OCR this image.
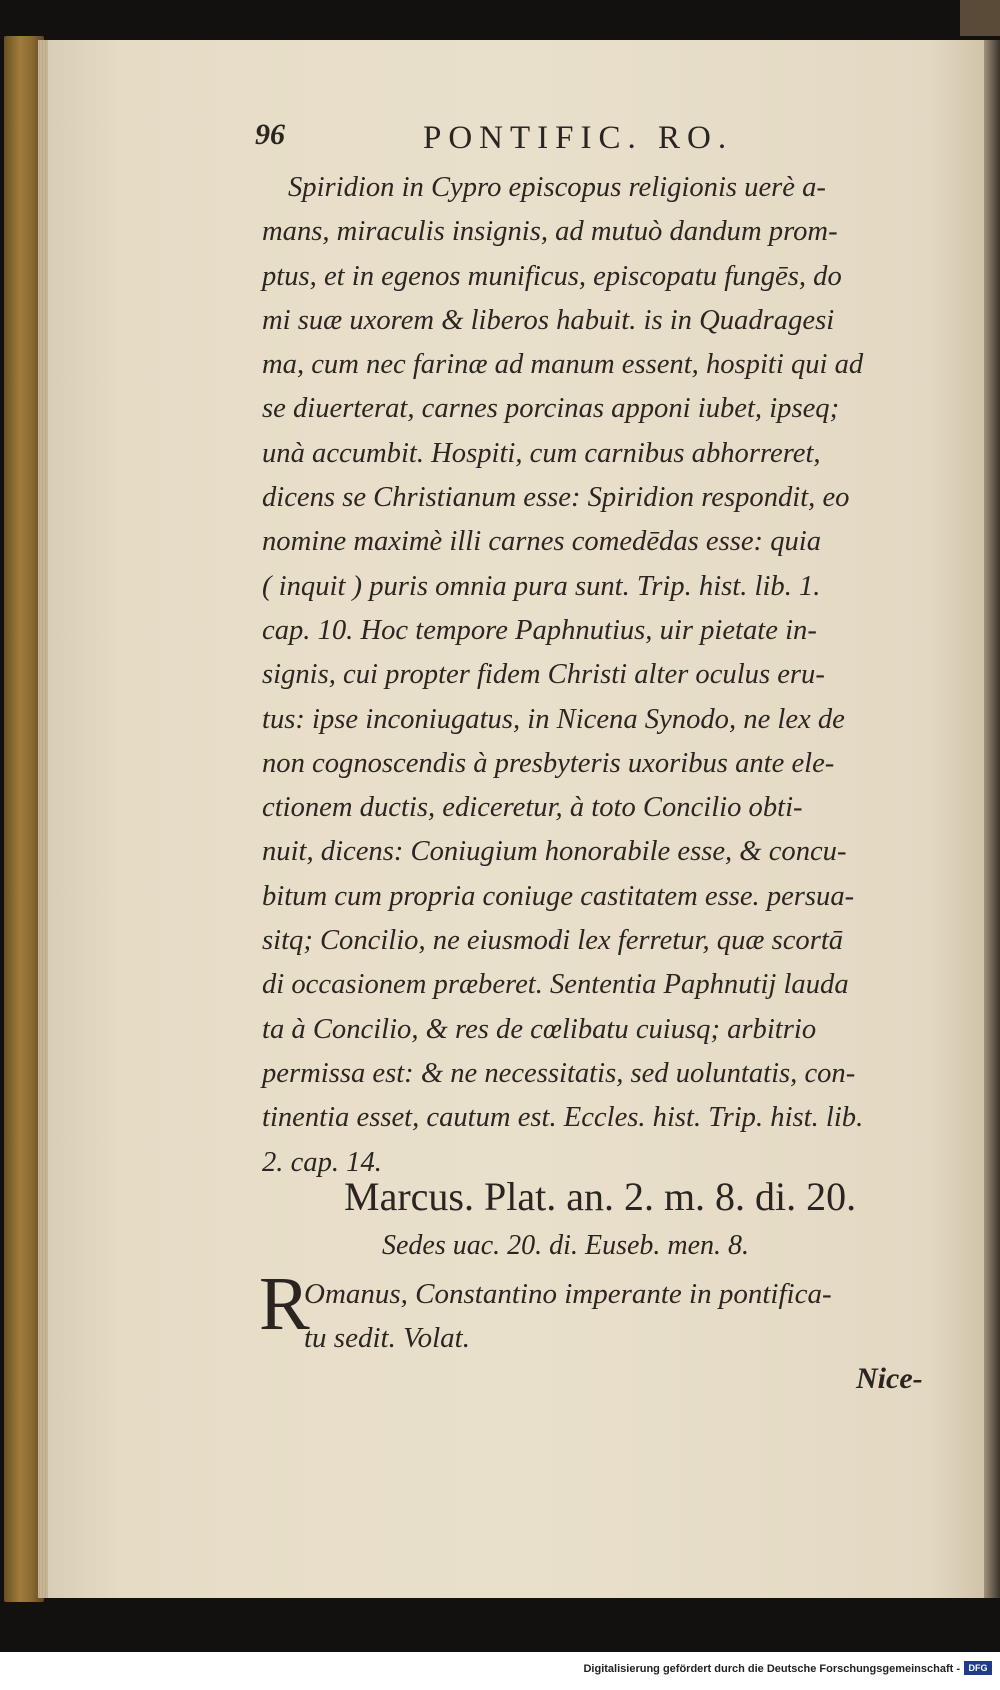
96	PONTIFIC. RO.
Spiridion in Cypro episcopus religionis uerè a-
mans, miraculis insignis, ad mutuò dandum prom-
ptus, et in egenos munificus, episcopatu fungēs, do
mi suæ uxorem & liberos habuit. is in Quadragesi
ma, cum nec farinæ ad manum essent, hospiti qui ad
se diuerterat, carnes porcinas apponi iubet, ipseq;
unà accumbit. Hospiti, cum carnibus abhorreret,
dicens se Christianum esse: Spiridion respondit, eo
nomine maximè illi carnes comedēdas esse: quia
( inquit ) puris omnia pura sunt. Trip. hist. lib. 1.
cap. 10. Hoc tempore Paphnutius, uir pietate in-
signis, cui propter fidem Christi alter oculus eru-
tus: ipse inconiugatus, in Nicena Synodo, ne lex de
non cognoscendis à presbyteris uxoribus ante ele-
ctionem ductis, ediceretur, à toto Concilio obti-
nuit, dicens: Coniugium honorabile esse, & concu-
bitum cum propria coniuge castitatem esse. persua-
sitq; Concilio, ne eiusmodi lex ferretur, quæ scortā
di occasionem præberet. Sententia Paphnutij lauda
ta à Concilio, & res de cœlibatu cuiusq; arbitrio
permissa est: & ne necessitatis, sed uoluntatis, con-
tinentia esset, cautum est. Eccles. hist. Trip. hist. lib.
2. cap. 14.
Marcus. Plat. an. 2. m. 8. di. 20.
Sedes uac. 20. di. Euseb. men. 8.
R
Omanus, Constantino imperante in pontifica-
tu sedit. Volat.
Nice-
Digitalisierung gefördert durch die Deutsche Forschungsgemeinschaft - DFG
